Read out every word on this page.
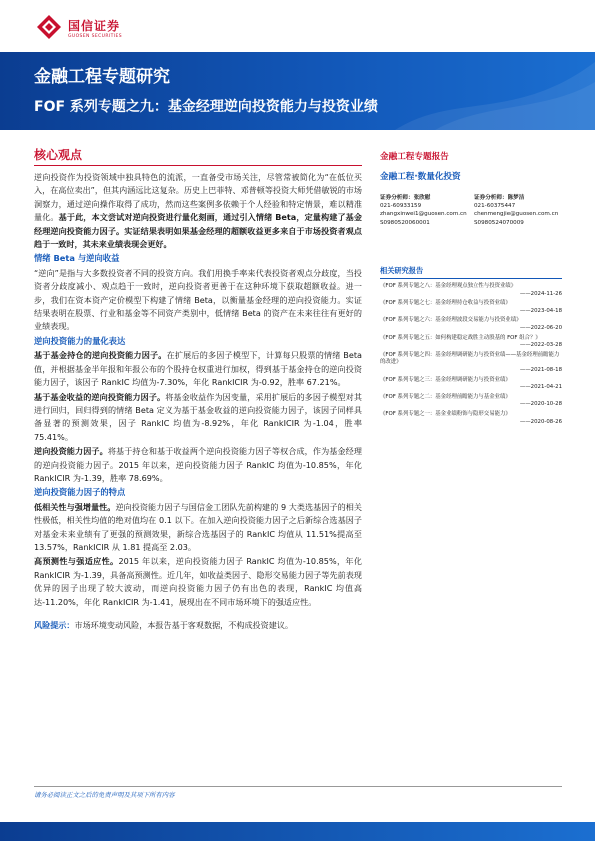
国信证券
GUOSEN SECURITIES
金融工程专题研究
FOF 系列专题之九：基金经理逆向投资能力与投资业绩
核心观点

逆向投资作为投资领域中独具特色的流派，一直备受市场关注，尽管常被简化为“在低位买入，在高位卖出”，但其内涵远比这复杂。历史上巴菲特、邓普顿等投资大师凭借敏锐的市场洞察力，通过逆向操作取得了成功，然而这些案例多依赖于个人经验和特定情景，难以精准量化。基于此，本文尝试对逆向投资进行量化刻画，通过引入情绪 Beta，定量构建了基金经理逆向投资能力因子。实证结果表明如果基金经理的超额收益更多来自于市场投资者观点趋于一致时，其未来业绩表现会更好。

情绪 Beta 与逆向收益

“逆向”是指与大多数投资者不同的投资方向。我们用换手率来代表投资者观点分歧度，当投资者分歧度减小、观点趋于一致时，逆向投资者更善于在这种环境下获取超额收益。进一步，我们在资本资产定价模型下构建了情绪 Beta，以衡量基金经理的逆向投资能力。实证结果表明在股票、行业和基金等不同资产类别中，低情绪 Beta 的资产在未来往往有更好的业绩表现。

逆向投资能力的量化表达

基于基金持仓的逆向投资能力因子。在扩展后的多因子模型下，计算每只股票的情绪 Beta 值，并根据基金半年报和年报公布的个股持仓权重进行加权，得到基于基金持仓的逆向投资能力因子，该因子 RankIC 均值为-7.30%，年化 RankICIR 为-0.92，胜率 67.21%。

基于基金收益的逆向投资能力因子。将基金收益作为因变量，采用扩展后的多因子模型对其进行回归，回归得到的情绪 Beta 定义为基于基金收益的逆向投资能力因子，该因子同样具备显著的预测效果，因子 RankIC 均值为-8.92%，年化 RankICIR 为-1.04，胜率 75.41%。

逆向投资能力因子。将基于持仓和基于收益两个逆向投资能力因子等权合成，作为基金经理的逆向投资能力因子。2015 年以来，逆向投资能力因子 RankIC 均值为-10.85%，年化 RankICIR 为-1.39，胜率 78.69%。

逆向投资能力因子的特点

低相关性与强增量性。逆向投资能力因子与国信金工团队先前构建的 9 大类选基因子的相关性极低，相关性均值的绝对值均在 0.1 以下。在加入逆向投资能力因子之后新综合选基因子对基金未来业绩有了更强的预测效果，新综合选基因子的 RankIC 均值从 11.51%提高至 13.57%，RankICIR 从 1.81 提高至 2.03。

高预测性与强适应性。2015 年以来，逆向投资能力因子 RankIC 均值为-10.85%，年化 RankICIR 为-1.39，具备高预测性。近几年，如收益类因子、隐形交易能力因子等先前表现优异的因子出现了较大波动，而逆向投资能力因子仍有出色的表现，RankIC 均值高达-11.20%，年化 RankICIR 为-1.41，展现出在不同市场环境下的强适应性。

风险提示：市场环境变动风险，本报告基于客观数据，不构成投资建议。

金融工程专题报告
金融工程·数量化投资
证券分析师：张欣慰
021-60933159
zhangxinwei1@guosen.com.cn
S0980520060001
证券分析师：陈梦洁
021-60375447
chenmengjie@guosen.com.cn
S0980524070009
相关研究报告
《FOF 系列专题之八：基金经理观点独立性与投资业绩》
——2024-11-26
《FOF 系列专题之七：基金经理持仓收益与投资业绩》
——2023-04-18
《FOF 系列专题之六：基金经理波段交易能力与投资业绩》
——2022-06-20
《FOF 系列专题之五：如何构建稳定战胜主动股基的 FOF 组合？》
——2022-03-28
《FOF 系列专题之四：基金经理调研能力与投资业绩——基金经理前瞻能力的改进》
——2021-08-18
《FOF 系列专题之三：基金经理调研能力与投资业绩》
——2021-04-21
《FOF 系列专题之二：基金经理前瞻能力与基金业绩》
——2020-10-28
《FOF 系列专题之一：基金业绩粉饰与隐形交易能力》
——2020-08-26
请务必阅读正文之后的免责声明及其项下所有内容
